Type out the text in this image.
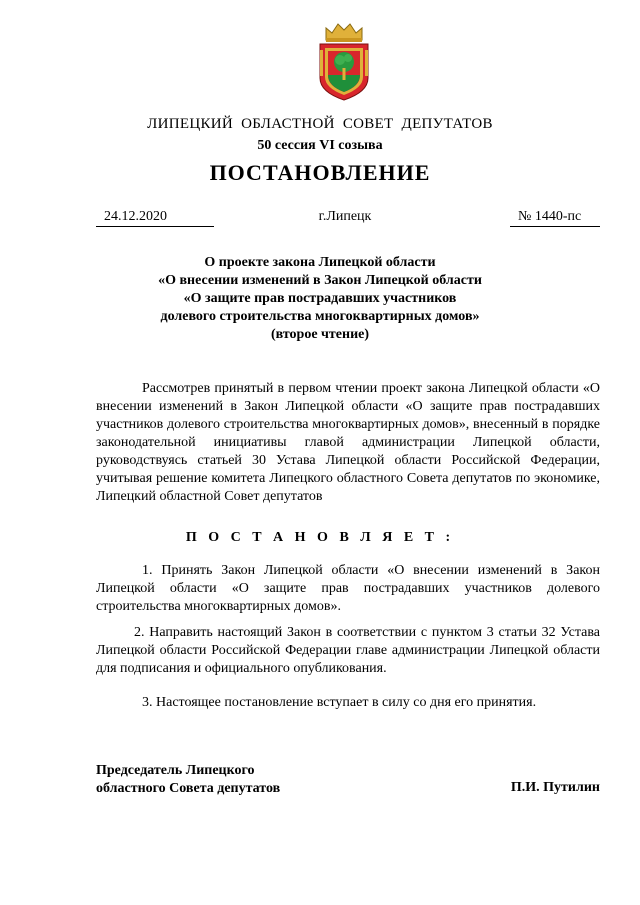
ЛИПЕЦКИЙ ОБЛАСТНОЙ СОВЕТ ДЕПУТАТОВ
50 сессия VI созыва
ПОСТАНОВЛЕНИЕ
24.12.2020	г.Липецк	№ 1440-пс
О проекте закона Липецкой области
«О внесении изменений в Закон Липецкой области
«О защите прав пострадавших участников
долевого строительства многоквартирных домов»
(второе чтение)
Рассмотрев принятый в первом чтении проект закона Липецкой области «О внесении изменений в Закон Липецкой области «О защите прав пострадавших участников долевого строительства многоквартирных домов», внесенный в порядке законодательной инициативы главой администрации Липецкой области, руководствуясь статьей 30 Устава Липецкой области Российской Федерации, учитывая решение комитета Липецкого областного Совета депутатов по экономике, Липецкий областной Совет депутатов
П О С Т А Н О В Л Я Е Т :
1. Принять Закон Липецкой области «О внесении изменений в Закон Липецкой области «О защите прав пострадавших участников долевого строительства многоквартирных домов».
2. Направить настоящий Закон в соответствии с пунктом 3 статьи 32 Устава Липецкой области Российской Федерации главе администрации Липецкой области для подписания и официального опубликования.
3. Настоящее постановление вступает в силу со дня его принятия.
Председатель Липецкого
областного Совета депутатов	П.И. Путилин
